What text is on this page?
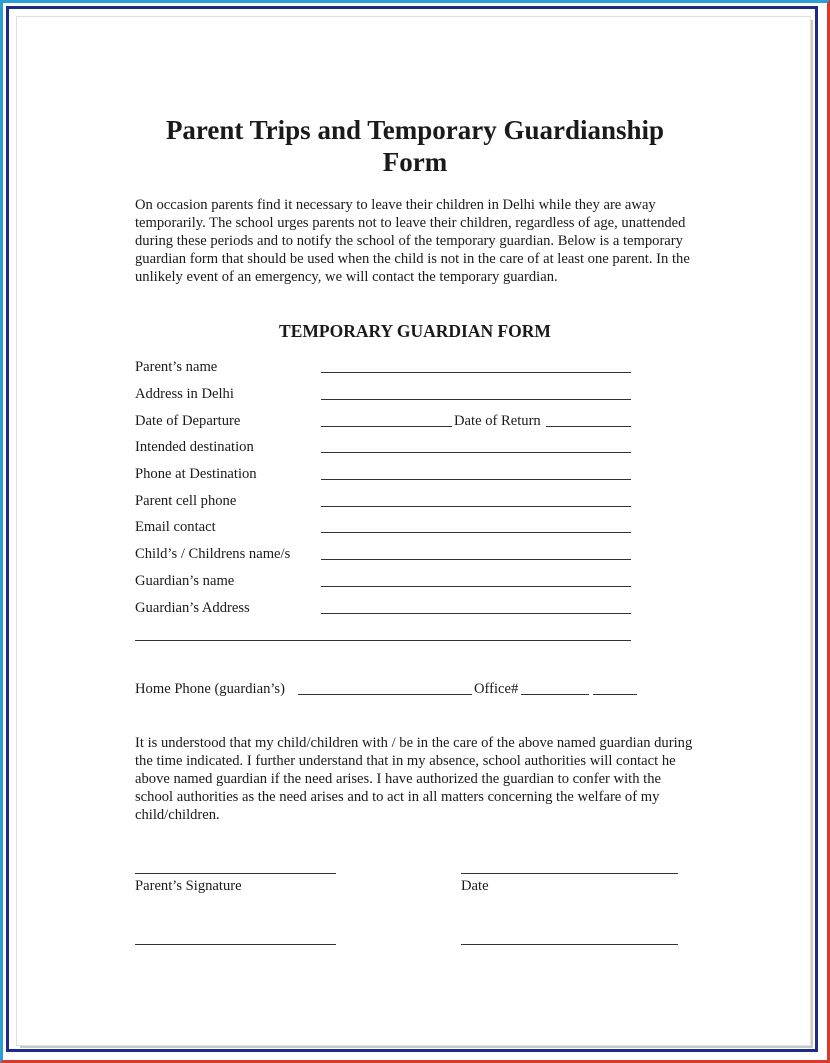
Parent Trips and Temporary Guardianship
Form
On occasion parents find it necessary to leave their children in Delhi while they are away temporarily. The school urges parents not to leave their children, regardless of age, unattended during these periods and to notify the school of the temporary guardian. Below is a temporary guardian form that should be used when the child is not in the care of at least one parent. In the unlikely event of an emergency, we will contact the temporary guardian.
TEMPORARY GUARDIAN FORM
Parent’s name
Address in Delhi
Date of Departure	Date of Return
Intended destination
Phone at Destination
Parent cell phone
Email contact
Child’s / Childrens name/s
Guardian’s name
Guardian’s Address
Home Phone (guardian’s)	Office#
It is understood that my child/children with / be in the care of the above named guardian during the time indicated. I further understand that in my absence, school authorities will contact he above named guardian if the need arises. I have authorized the guardian to confer with the school authorities as the need arises and to act in all matters concerning the welfare of my child/children.
Parent’s Signature	Date
